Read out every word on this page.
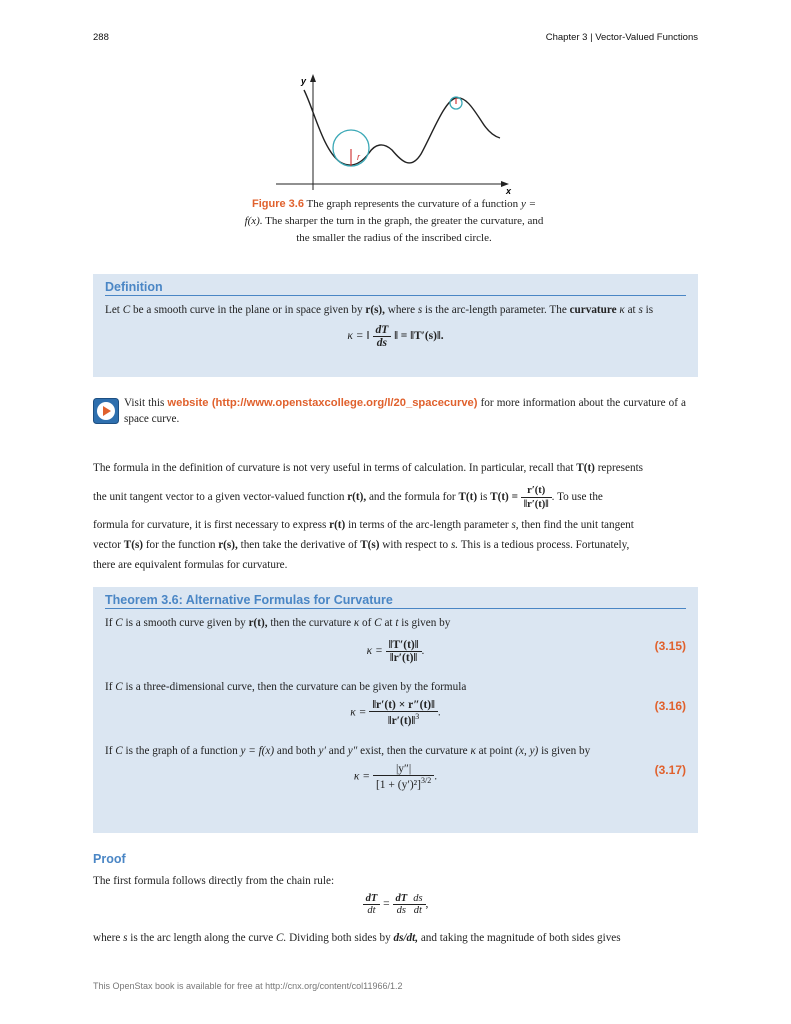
288	Chapter 3 | Vector-Valued Functions
y
x
r
Figure 3.6 The graph represents the curvature of a function y = f(x). The sharper the turn in the graph, the greater the curvature, and the smaller the radius of the inscribed circle.
Definition
Let C be a smooth curve in the plane or in space given by r(s), where s is the arc-length parameter. The curvature κ at s is
κ = ‖ $\frac{dT}{ds}$ ‖ = ‖T′(s)‖.
Visit this website (http://www.openstaxcollege.org/l/20_spacecurve) for more information about the curvature of a space curve.
The formula in the definition of curvature is not very useful in terms of calculation. In particular, recall that T(t) represents
the unit tangent vector to a given vector-valued function r(t), and the formula for T(t) is $T(t) = \frac{r'(t)}{‖r'(t)‖}$ . To use the
formula for curvature, it is first necessary to express r(t) in terms of the arc-length parameter s, then find the unit tangent
vector T(s) for the function r(s), then take the derivative of T(s) with respect to s. This is a tedious process. Fortunately,
there are equivalent formulas for curvature.
Theorem 3.6: Alternative Formulas for Curvature
If C is a smooth curve given by r(t), then the curvature κ of C at t is given by
$\kappa = \frac{‖T'(t)‖}{‖r'(t)‖}$ .	(3.15)
If C is a three-dimensional curve, then the curvature can be given by the formula
$\kappa = \frac{‖r'(t) \times r''(t)‖}{‖r'(t)‖^3}$ .	(3.16)
If C is the graph of a function y = f(x) and both y′ and y″ exist, then the curvature κ at point (x, y) is given by
$\kappa = \frac{|y''|}{[1 + (y')^2]^{3/2}}$ .	(3.17)
Proof
The first formula follows directly from the chain rule:
$\frac{dT}{dt} = \frac{dT}{ds} \frac{ds}{dt}$ ,
where s is the arc length along the curve C. Dividing both sides by ds/dt, and taking the magnitude of both sides gives
This OpenStax book is available for free at http://cnx.org/content/col11966/1.2
